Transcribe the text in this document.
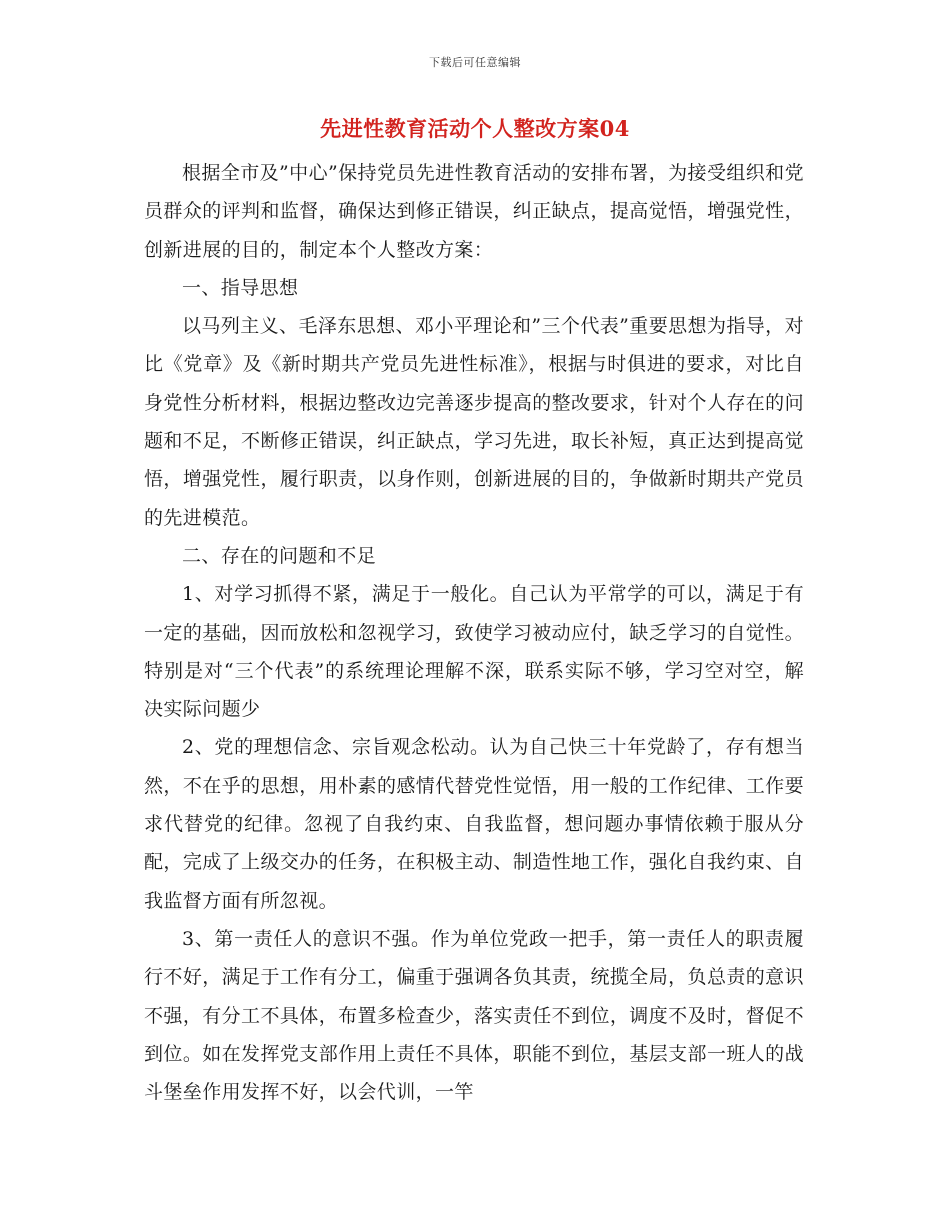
下载后可任意编辑
先进性教育活动个人整改方案04

根据全市及”中心”保持党员先进性教育活动的安排布署，为接受组织和党员群众的评判和监督，确保达到修正错误，纠正缺点，提高觉悟，增强党性，创新进展的目的，制定本个人整改方案：

一、指导思想

以马列主义、毛泽东思想、邓小平理论和”三个代表”重要思想为指导，对比《党章》及《新时期共产党员先进性标准》，根据与时俱进的要求，对比自身党性分析材料，根据边整改边完善逐步提高的整改要求，针对个人存在的问题和不足，不断修正错误，纠正缺点，学习先进，取长补短，真正达到提高觉悟，增强党性，履行职责，以身作则，创新进展的目的，争做新时期共产党员的先进模范。

二、存在的问题和不足

1、对学习抓得不紧，满足于一般化。自己认为平常学的可以，满足于有一定的基础，因而放松和忽视学习，致使学习被动应付，缺乏学习的自觉性。特别是对“三个代表”的系统理论理解不深，联系实际不够，学习空对空，解决实际问题少

2、党的理想信念、宗旨观念松动。认为自己快三十年党龄了，存有想当然，不在乎的思想，用朴素的感情代替党性觉悟，用一般的工作纪律、工作要求代替党的纪律。忽视了自我约束、自我监督，想问题办事情依赖于服从分配，完成了上级交办的任务，在积极主动、制造性地工作，强化自我约束、自我监督方面有所忽视。

3、第一责任人的意识不强。作为单位党政一把手，第一责任人的职责履行不好，满足于工作有分工，偏重于强调各负其责，统揽全局，负总责的意识不强，有分工不具体，布置多检查少，落实责任不到位，调度不及时，督促不到位。如在发挥党支部作用上责任不具体，职能不到位，基层支部一班人的战斗堡垒作用发挥不好，以会代训，一竿
